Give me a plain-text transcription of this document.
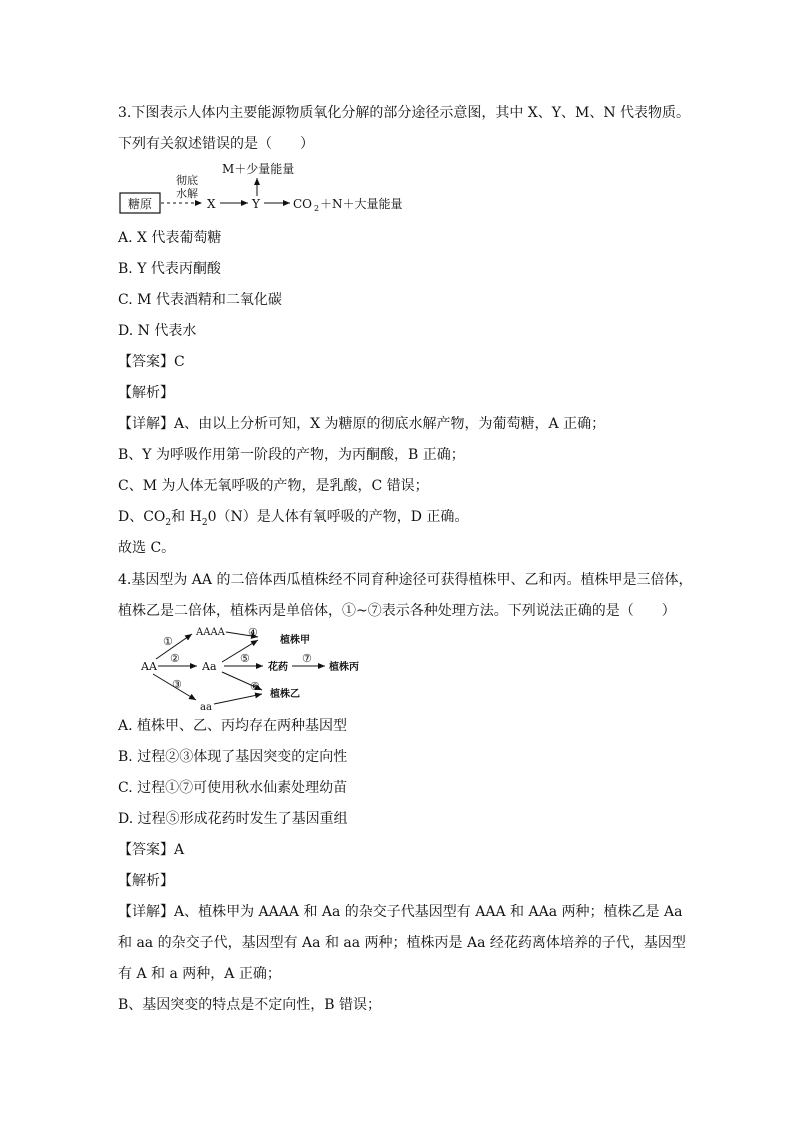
3.下图表示人体内主要能源物质氧化分解的部分途径示意图，其中 X、Y、M、N 代表物质。
下列有关叙述错误的是（　　）
糖原
彻底
水解
X	Y
M＋少量能量
CO 2 ＋N＋大量能量
AA
①
AAAA
②
Aa
③
aa
④
植株甲
⑤
花药
⑦
植株丙
⑥
植株乙
A. X 代表葡萄糖
B. Y 代表丙酮酸
C. M 代表酒精和二氧化碳
D. N 代表水
【答案】C
【解析】
【详解】A、由以上分析可知，X 为糖原的彻底水解产物，为葡萄糖，A 正确；
B、Y 为呼吸作用第一阶段的产物，为丙酮酸，B 正确；
C、M 为人体无氧呼吸的产物，是乳酸，C 错误；
D、$CO_2$和 $H_20(N)$是人体有氧呼吸的产物，D 正确。
故选 C。
4.基因型为 AA 的二倍体西瓜植株经不同育种途径可获得植株甲、乙和丙。植株甲是三倍体，
植株乙是二倍体，植株丙是单倍体，①~⑦表示各种处理方法。下列说法正确的是（　　）
A. 植株甲、乙、丙均存在两种基因型
B. 过程②③体现了基因突变的定向性
C. 过程①⑦可使用秋水仙素处理幼苗
D. 过程⑤形成花药时发生了基因重组
【答案】A
【解析】
【详解】A、植株甲为 AAAA 和 Aa 的杂交子代基因型有 AAA 和 AAa 两种；植株乙是 Aa
和 aa 的杂交子代，基因型有 Aa 和 aa 两种；植株丙是 Aa 经花药离体培养的子代，基因型
有 A 和 a 两种，A 正确；
B、基因突变的特点是不定向性，B 错误；
